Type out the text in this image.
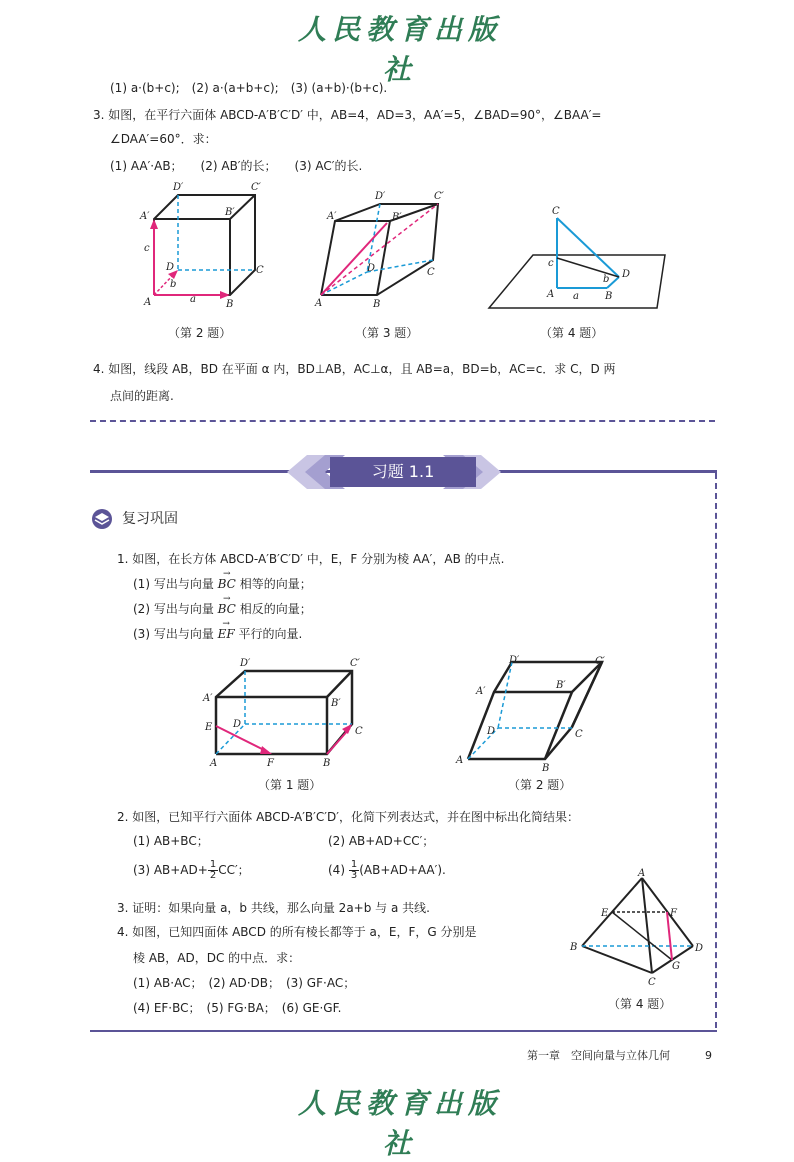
人民教育出版社
(1) a·(b+c);　(2) a·(a+b+c);　(3) (a+b)·(b+c).
3. 如图，在平行六面体 ABCD-A′B′C′D′ 中，AB=4，AD=3，AA′=5，∠BAD=90°，∠BAA′=
∠DAA′=60°．求：
(1) AA′·AB；　　(2) AB′的长；　　(3) AC′的长.
A′	B′
C′
D′
A	B
C
D
a
b
c
A′	B′
C′
D′
A	B
C
D
C
A	B
D
a
b
c
（第 2 题）	（第 3 题）	（第 4 题）
4. 如图，线段 AB，BD 在平面 α 内，BD⊥AB，AC⊥α，且 AB=a，BD=b，AC=c．求 C，D 两
点间的距离.
习题 1.1
复习巩固
1. 如图，在长方体 ABCD-A′B′C′D′ 中，E，F 分别为棱 AA′，AB 的中点.
(1) 写出与向量 → BC 相等的向量；
(2) 写出与向量 → BC 相反的向量；
(3) 写出与向量 → EF 平行的向量.
A′	B′
C′
D′
A	B
C
D
E
F
A′
B′
C′
D′
A
B
C
D
（第 1 题）	（第 2 题）
2. 如图，已知平行六面体 ABCD-A′B′C′D′，化简下列表达式，并在图中标出化简结果：
(1) AB+BC；	(2) AB+AD+CC′；
(3) $AB+AD+ \frac{1}{2} CC'$；	$(4) \frac{1}{3} (AB+AD+AA')$.
3. 证明：如果向量 a，b 共线，那么向量 2a+b 与 a 共线.
4. 如图，已知四面体 ABCD 的所有棱长都等于 a，E，F，G 分别是
棱 AB，AD，DC 的中点．求：
(1) AB·AC；　(2) AD·DB；　(3) GF·AC；
(4) EF·BC；　(5) FG·BA；　(6) GE·GF.
A
B
C
D
E	F
G
（第 4 题）
第一章　空间向量与立体几何	9
人民教育出版社
